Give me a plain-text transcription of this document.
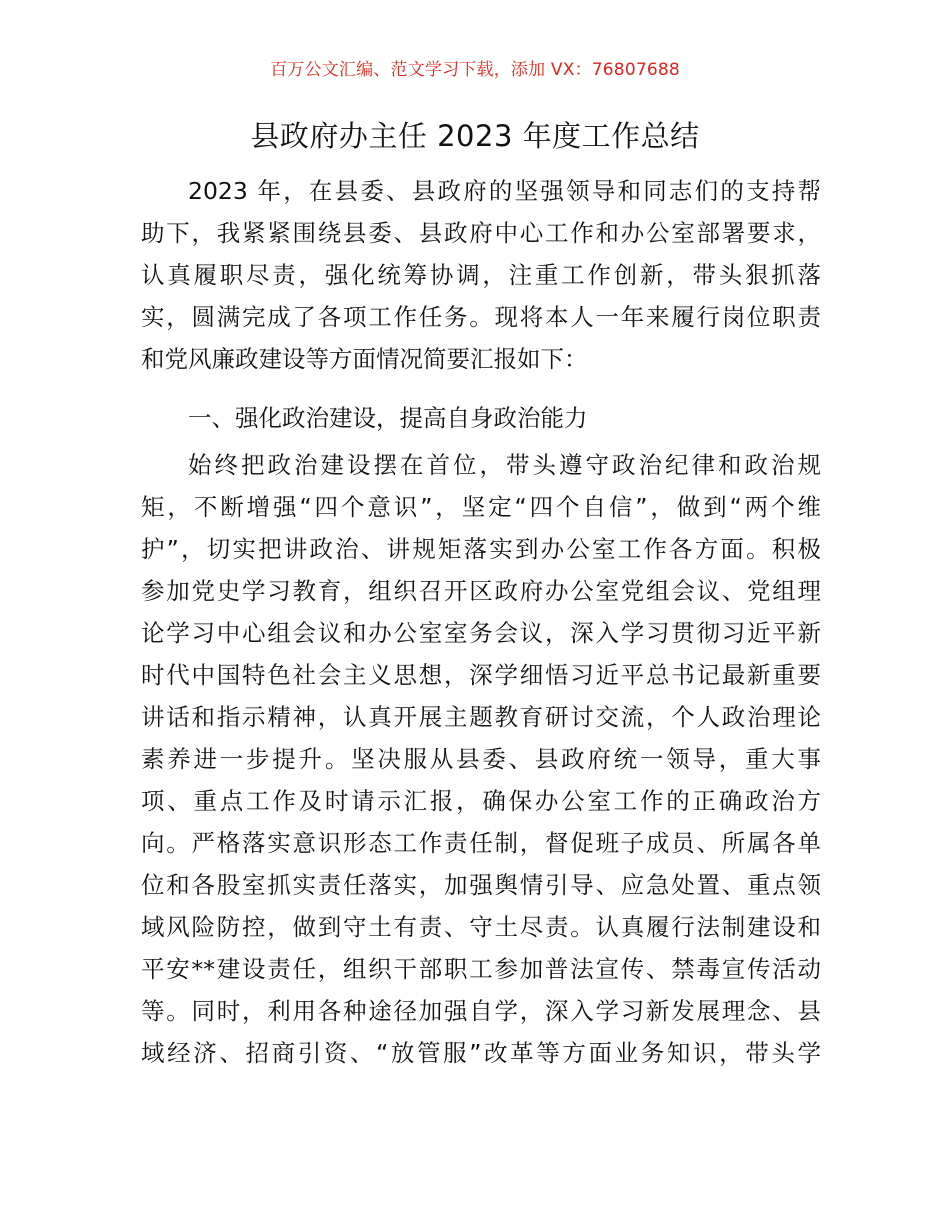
百万公文汇编、范文学习下载，添加 VX：76807688
县政府办主任 2023 年度工作总结
2023 年，在县委、县政府的坚强领导和同志们的支持帮
助下，我紧紧围绕县委、县政府中心工作和办公室部署要求，
认真履职尽责，强化统筹协调，注重工作创新，带头狠抓落
实，圆满完成了各项工作任务。现将本人一年来履行岗位职责
和党风廉政建设等方面情况简要汇报如下：
一、强化政治建设，提高自身政治能力
始终把政治建设摆在首位，带头遵守政治纪律和政治规
矩，不断增强“四个意识”，坚定“四个自信”，做到“两个维
护”，切实把讲政治、讲规矩落实到办公室工作各方面。积极
参加党史学习教育，组织召开区政府办公室党组会议、党组理
论学习中心组会议和办公室室务会议，深入学习贯彻习近平新
时代中国特色社会主义思想，深学细悟习近平总书记最新重要
讲话和指示精神，认真开展主题教育研讨交流，个人政治理论
素养进一步提升。坚决服从县委、县政府统一领导，重大事
项、重点工作及时请示汇报，确保办公室工作的正确政治方
向。严格落实意识形态工作责任制，督促班子成员、所属各单
位和各股室抓实责任落实，加强舆情引导、应急处置、重点领
域风险防控，做到守土有责、守土尽责。认真履行法制建设和
平安**建设责任，组织干部职工参加普法宣传、禁毒宣传活动
等。同时，利用各种途径加强自学，深入学习新发展理念、县
域经济、招商引资、“放管服”改革等方面业务知识，带头学
